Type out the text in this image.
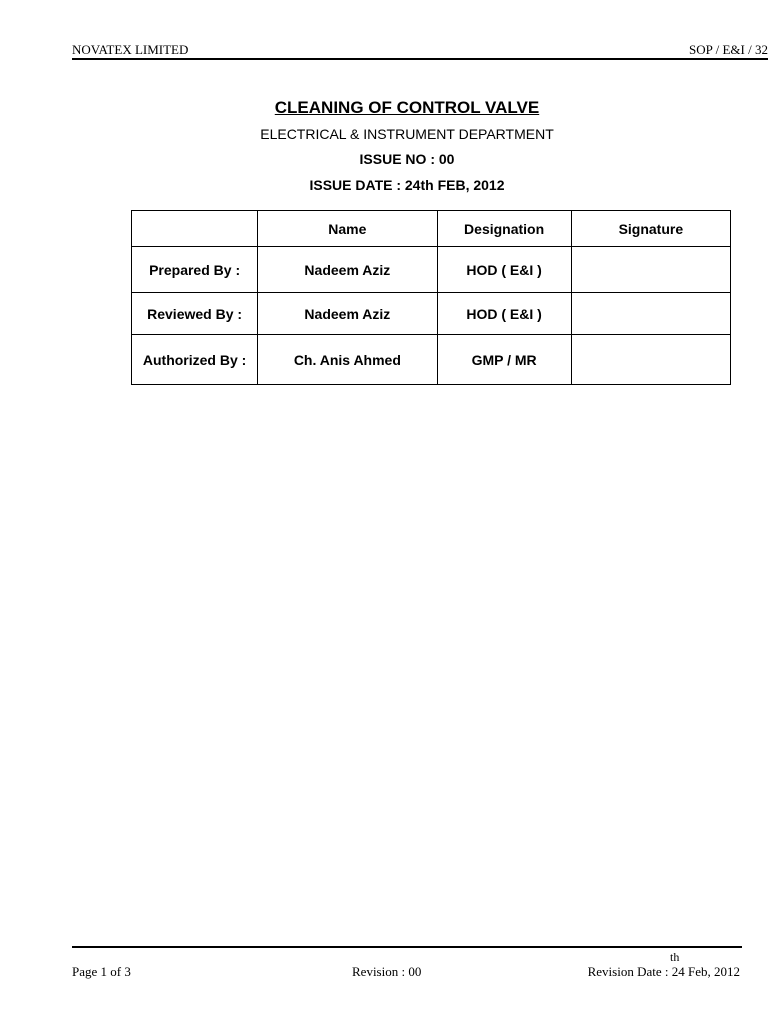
NOVATEX LIMITED	SOP / E&I / 32
CLEANING OF CONTROL VALVE
ELECTRICAL & INSTRUMENT DEPARTMENT
ISSUE NO : 00
ISSUE DATE : 24th FEB, 2012
	Name	Designation	Signature
Prepared By :	Nadeem Aziz	HOD ( E&I )	
Reviewed By :	Nadeem Aziz	HOD ( E&I )	
Authorized By :	Ch. Anis Ahmed	GMP / MR	
Page 1 of 3	Revision : 00
th
Revision Date : 24 Feb, 2012
